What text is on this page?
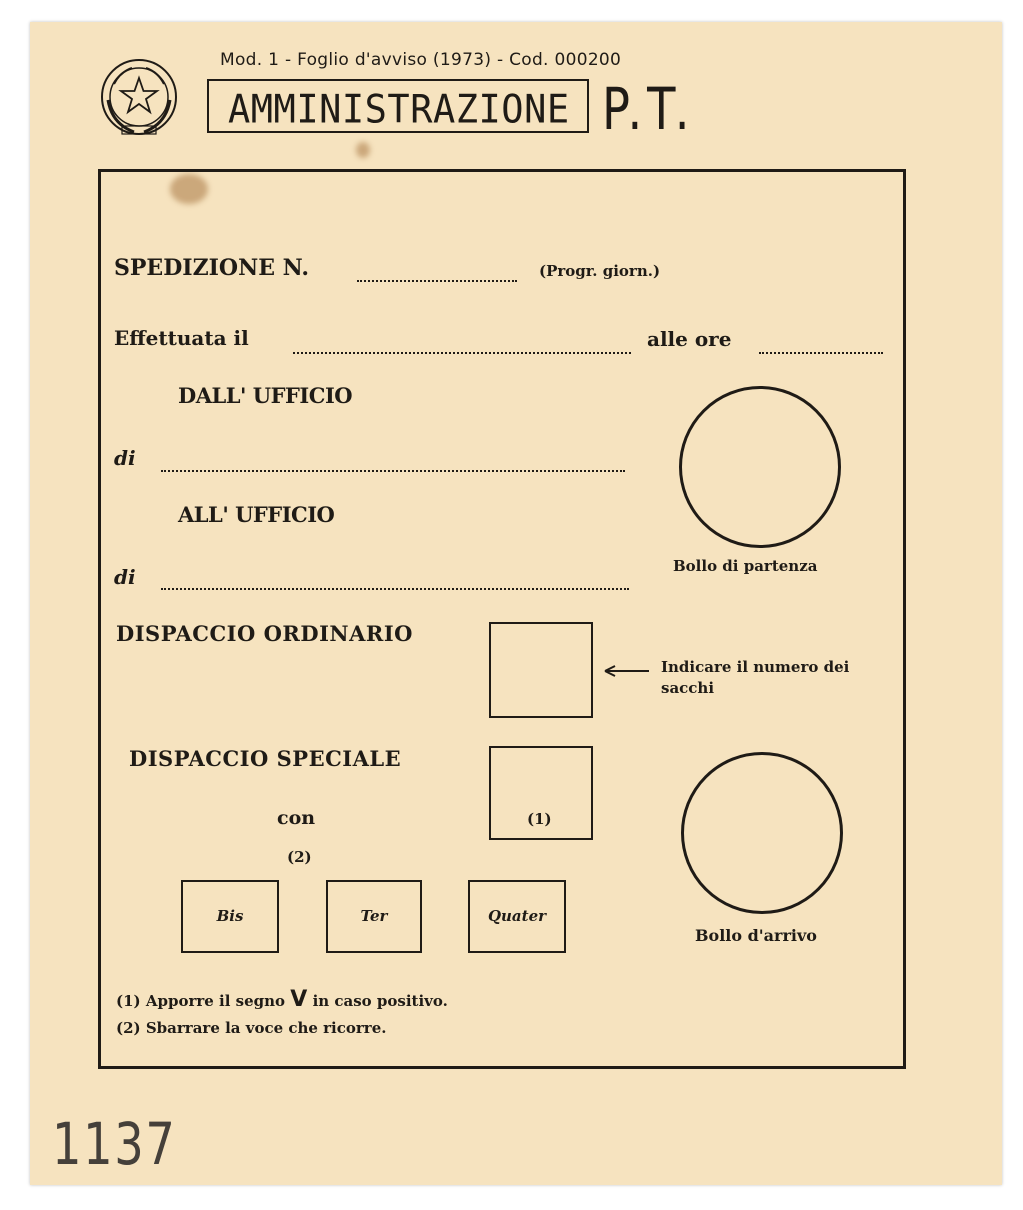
Mod. 1 - Foglio d'avviso (1973) - Cod. 000200
AMMINISTRAZIONE P.T.
SPEDIZIONE N.	(Progr. giorn.)
Effettuata il	alle ore
DALL' UFFICIO
di
ALL' UFFICIO
di	Bollo di partenza
DISPACCIO ORDINARIO
Indicare il numero dei
sacchi
DISPACCIO SPECIALE
(1)
con
(2)
Bis	Ter	Quater
Bollo d'arrivo
(1) Apporre il segno V in caso positivo.
(2) Sbarrare la voce che ricorre.
1137
